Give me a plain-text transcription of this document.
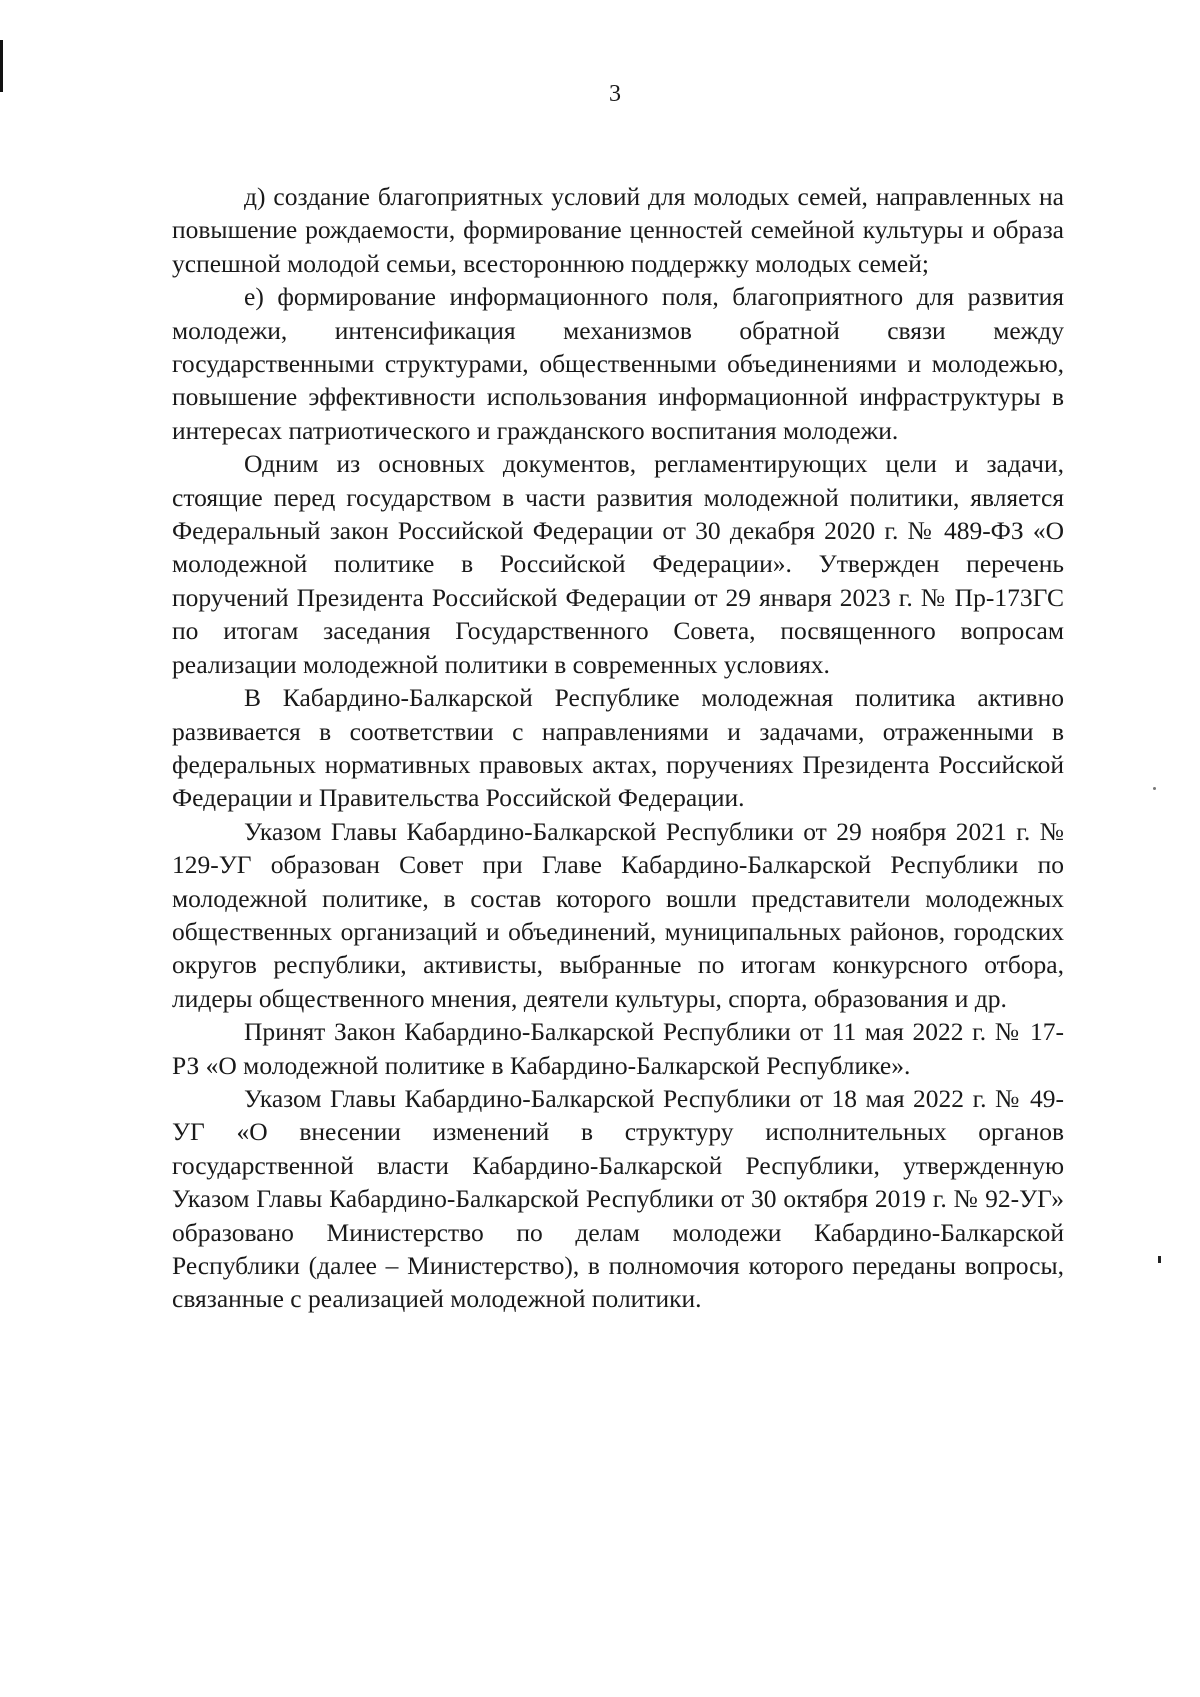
3

д) создание благоприятных условий для молодых семей, направленных на повышение рождаемости, формирование ценностей семейной культуры и образа успешной молодой семьи, всестороннюю поддержку молодых семей;

е) формирование информационного поля, благоприятного для развития молодежи, интенсификация механизмов обратной связи между государственными структурами, общественными объединениями и молодежью, повышение эффективности использования информационной инфраструктуры в интересах патриотического и гражданского воспитания молодежи.

Одним из основных документов, регламентирующих цели и задачи, стоящие перед государством в части развития молодежной политики, является Федеральный закон Российской Федерации от 30 декабря 2020 г. № 489-ФЗ «О молодежной политике в Российской Федерации». Утвержден перечень поручений Президента Российской Федерации от 29 января 2023 г. № Пр-173ГС по итогам заседания Государственного Совета, посвященного вопросам реализации молодежной политики в современных условиях.

В Кабардино-Балкарской Республике молодежная политика активно развивается в соответствии с направлениями и задачами, отраженными в федеральных нормативных правовых актах, поручениях Президента Российской Федерации и Правительства Российской Федерации.

Указом Главы Кабардино-Балкарской Республики от 29 ноября 2021 г. № 129-УГ образован Совет при Главе Кабардино-Балкарской Республики по молодежной политике, в состав которого вошли представители молодежных общественных организаций и объединений, муниципальных районов, городских округов республики, активисты, выбранные по итогам конкурсного отбора, лидеры общественного мнения, деятели культуры, спорта, образования и др.

Принят Закон Кабардино-Балкарской Республики от 11 мая 2022 г. № 17-РЗ «О молодежной политике в Кабардино-Балкарской Республике».

Указом Главы Кабардино-Балкарской Республики от 18 мая 2022 г. № 49-УГ «О внесении изменений в структуру исполнительных органов государственной власти Кабардино-Балкарской Республики, утвержденную Указом Главы Кабардино-Балкарской Республики от 30 октября 2019 г. № 92-УГ» образовано Министерство по делам молодежи Кабардино-Балкарской Республики (далее – Министерство), в полномочия которого переданы вопросы, связанные с реализацией молодежной политики.
